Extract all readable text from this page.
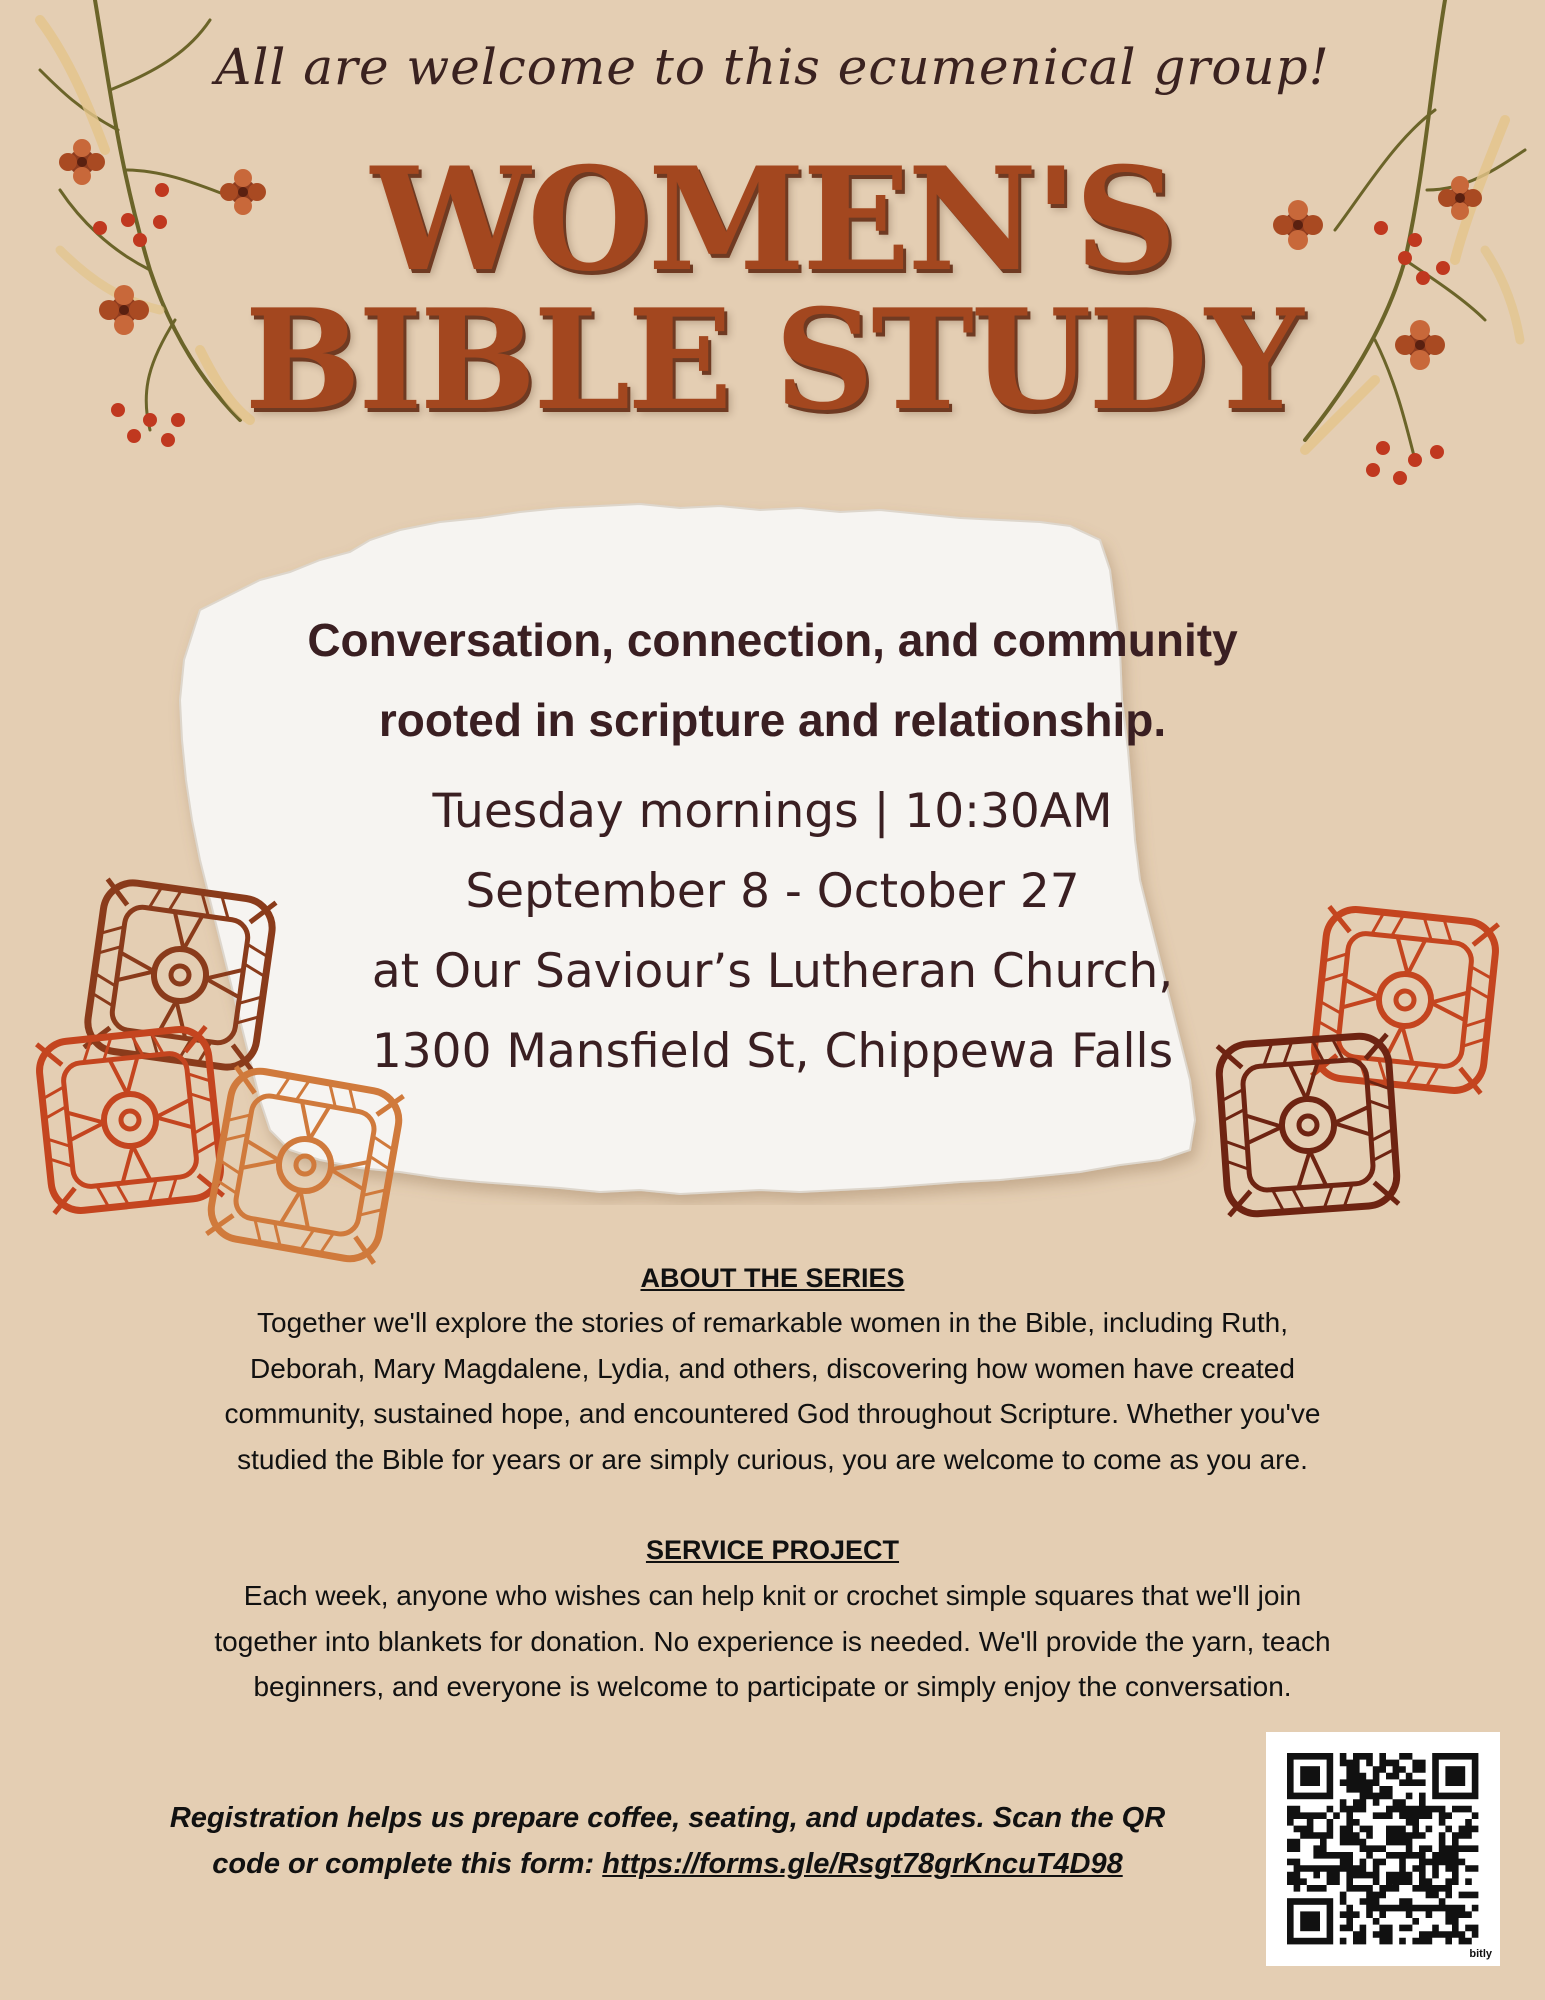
All are welcome to this ecumenical group!
WOMEN'S
BIBLE STUDY
Conversation, connection, and community
rooted in scripture and relationship.
Tuesday mornings | 10:30AM
September 8 - October 27
at Our Saviour’s Lutheran Church,
1300 Mansfield St, Chippewa Falls
ABOUT THE SERIES
Together we'll explore the stories of remarkable women in the Bible, including Ruth,
Deborah, Mary Magdalene, Lydia, and others, discovering how women have created
community, sustained hope, and encountered God throughout Scripture. Whether you've
studied the Bible for years or are simply curious, you are welcome to come as you are.
SERVICE PROJECT
Each week, anyone who wishes can help knit or crochet simple squares that we'll join
together into blankets for donation. No experience is needed. We'll provide the yarn, teach
beginners, and everyone is welcome to participate or simply enjoy the conversation.
Registration helps us prepare coffee, seating, and updates. Scan the QR
code or complete this form: https://forms.gle/Rsgt78grKncuT4D98
bitly
